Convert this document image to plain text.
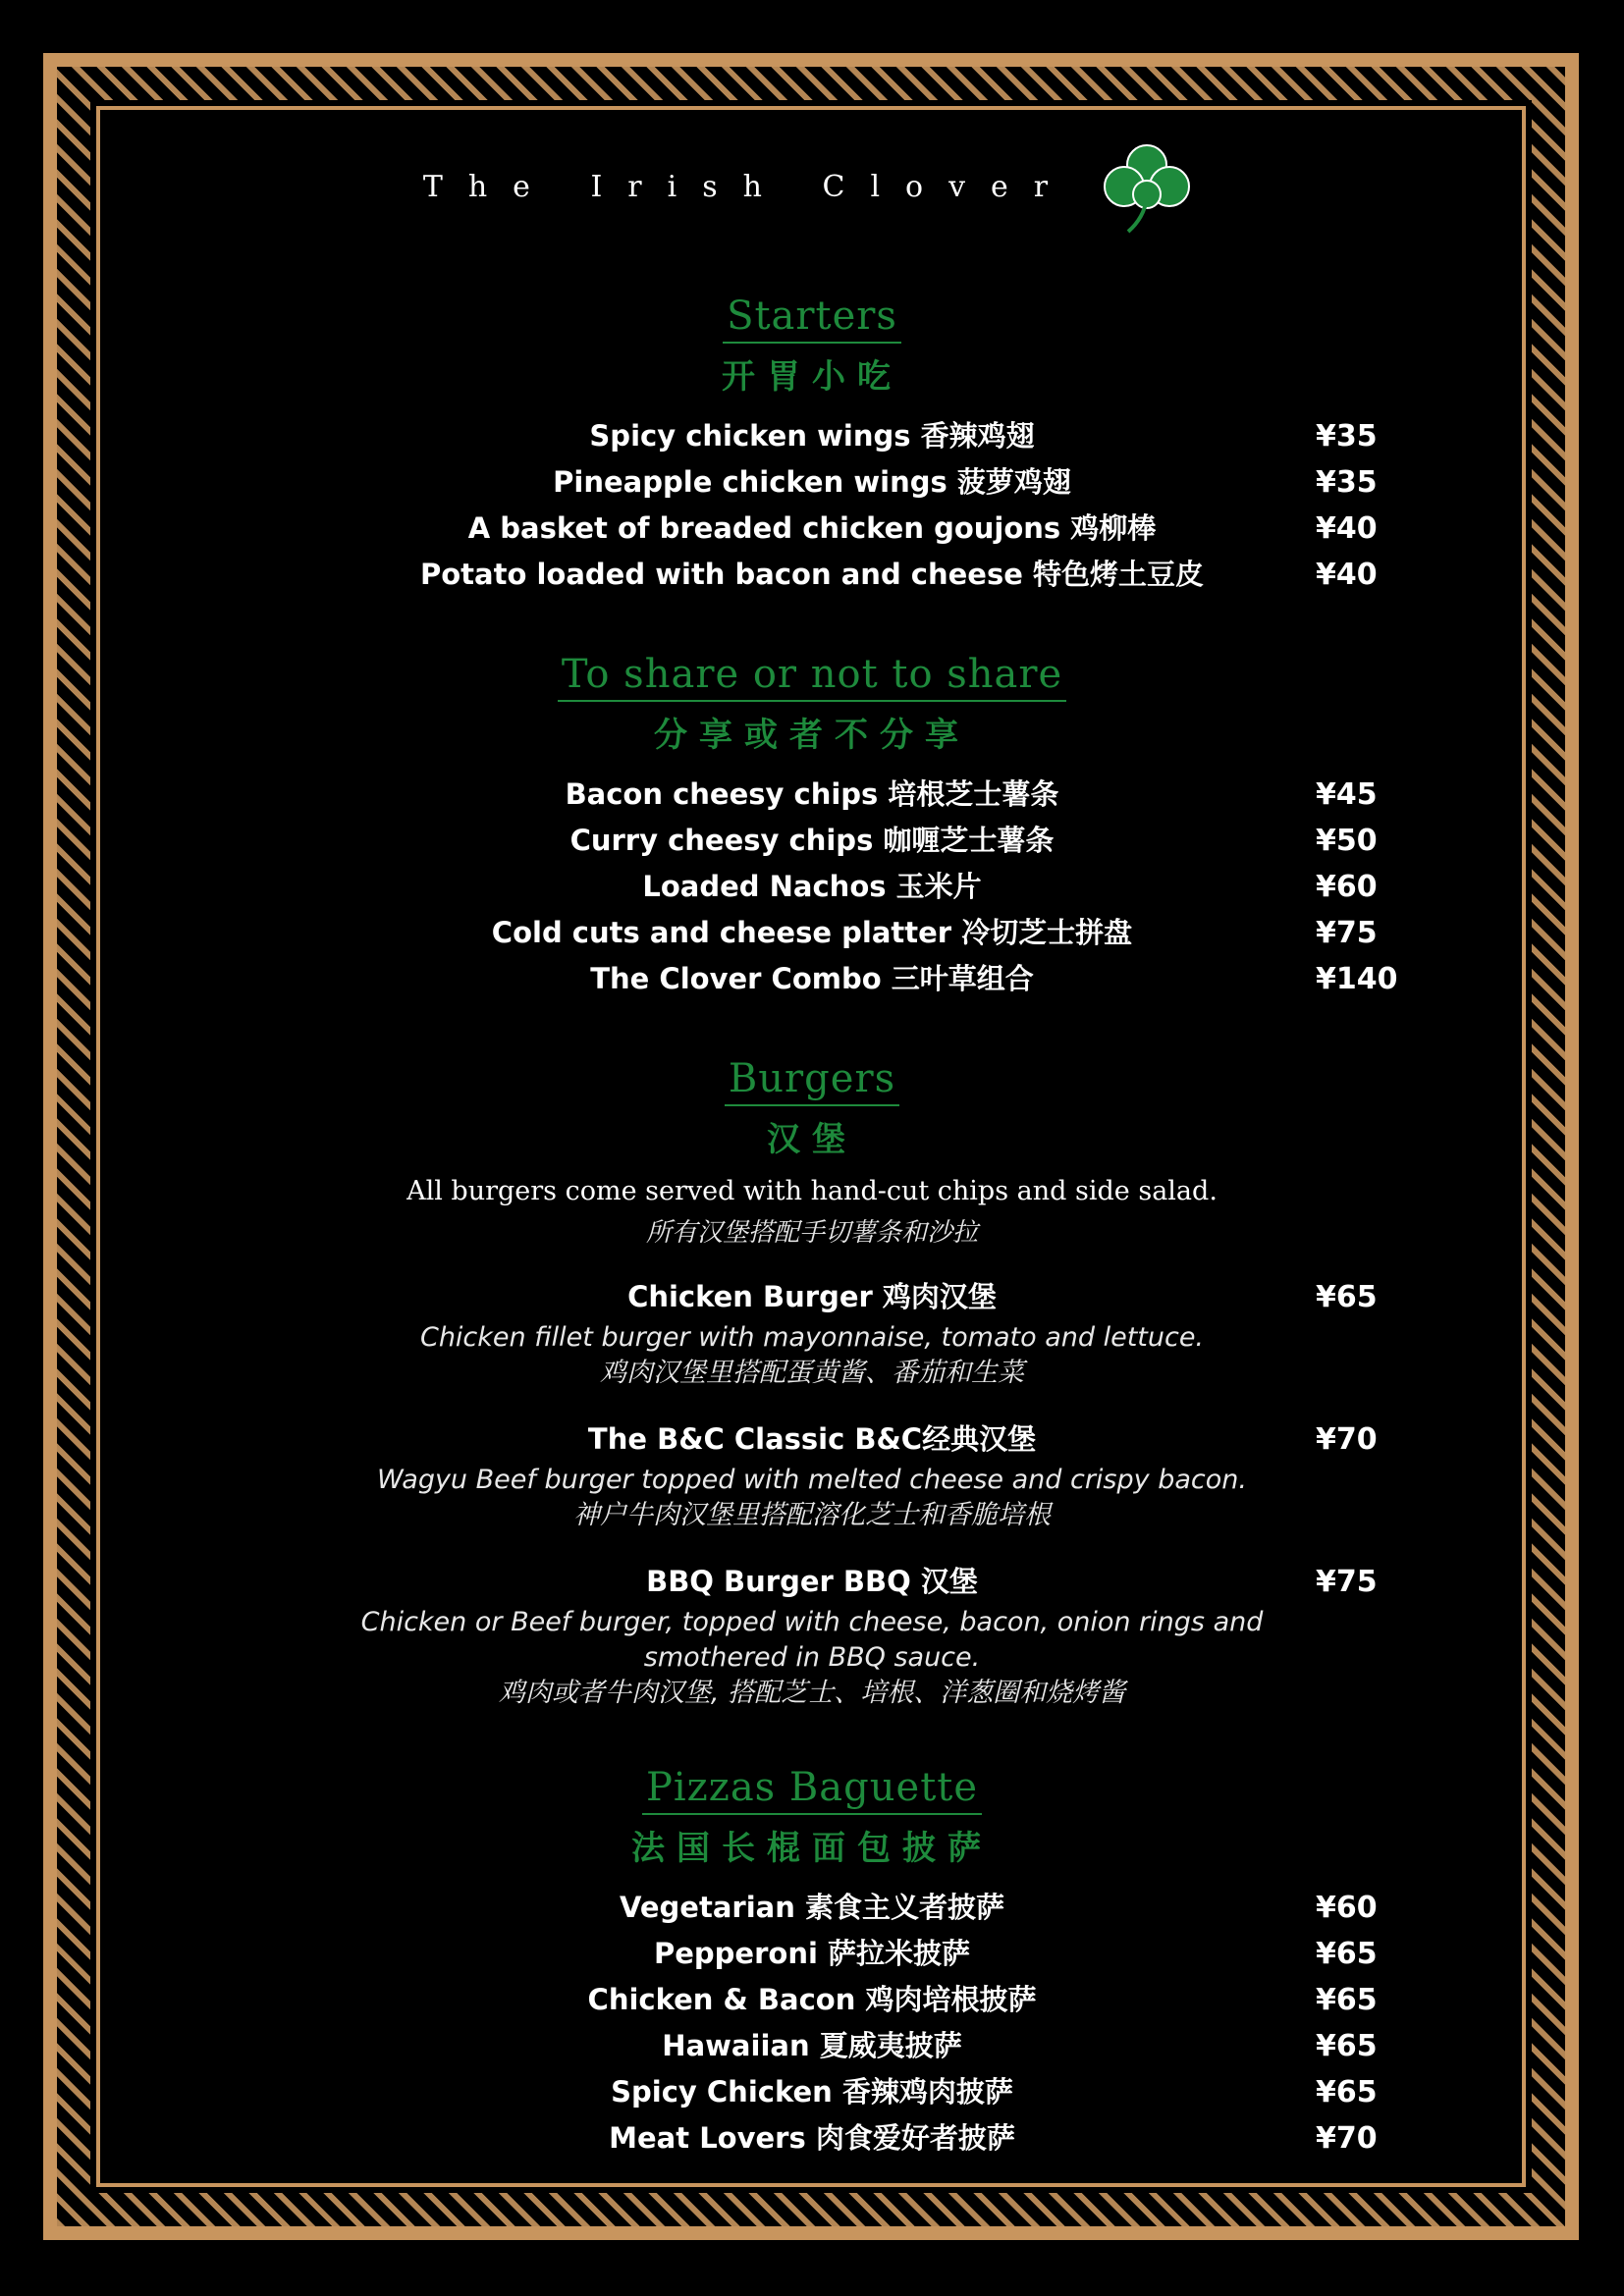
The Irish Clover
Starters
开胃小吃
Spicy chicken wings 香辣鸡翅	¥35
Pineapple chicken wings 菠萝鸡翅	¥35
A basket of breaded chicken goujons 鸡柳棒	¥40
Potato loaded with bacon and cheese 特色烤土豆皮	¥40
To share or not to share
分享或者不分享
Bacon cheesy chips 培根芝士薯条	¥45
Curry cheesy chips 咖喱芝士薯条	¥50
Loaded Nachos 玉米片	¥60
Cold cuts and cheese platter 冷切芝士拼盘	¥75
The Clover Combo 三叶草组合	¥140
Burgers
汉堡
All burgers come served with hand-cut chips and side salad.
所有汉堡搭配手切薯条和沙拉
Chicken Burger 鸡肉汉堡	¥65
Chicken fillet burger with mayonnaise, tomato and lettuce.
鸡肉汉堡里搭配蛋黄酱、番茄和生菜
The B&C Classic B&C经典汉堡	¥70
Wagyu Beef burger topped with melted cheese and crispy bacon.
神户牛肉汉堡里搭配溶化芝士和香脆培根
BBQ Burger BBQ 汉堡	¥75
Chicken or Beef burger, topped with cheese, bacon, onion rings and smothered in BBQ sauce.
鸡肉或者牛肉汉堡, 搭配芝士、培根、洋葱圈和烧烤酱
Pizzas Baguette
法国长棍面包披萨
Vegetarian 素食主义者披萨	¥60
Pepperoni 萨拉米披萨	¥65
Chicken & Bacon 鸡肉培根披萨	¥65
Hawaiian 夏威夷披萨	¥65
Spicy Chicken 香辣鸡肉披萨	¥65
Meat Lovers 肉食爱好者披萨	¥70
